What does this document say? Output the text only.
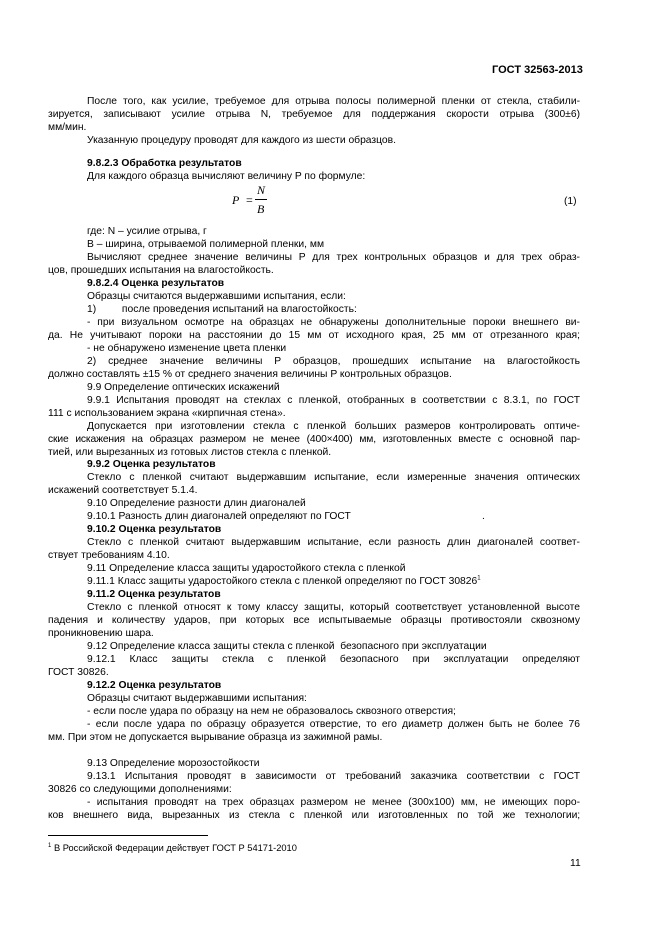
ГОСТ 32563-2013
После того, как усилие, требуемое для отрыва полосы полимерной пленки от стекла, стабили-
зируется, записывают усилие отрыва N, требуемое для поддержания скорости отрыва (300±6)
мм/мин.
Указанную процедуру проводят для каждого из шести образцов.
9.8.2.3 Обработка результатов
Для каждого образца вычисляют величину P по формуле:
P =
N
B
(1)
где: N – усилие отрыва, г
B – ширина, отрываемой полимерной пленки, мм
Вычисляют среднее значение величины P для трех контрольных образцов и для трех образ-
цов, прошедших испытания на влагостойкость.
9.8.2.4 Оценка результатов
Образцы считаются выдержавшими испытания, если:
1)         после проведения испытаний на влагостойкость:
- при визуальном осмотре на образцах не обнаружены дополнительные пороки внешнего ви-
да. Не учитывают пороки на расстоянии до 15 мм от исходного края, 25 мм от отрезанного края;
- не обнаружено изменение цвета пленки
2) среднее значение величины P образцов, прошедших испытание на влагостойкость
должно составлять ±15 % от среднего значения величины P контрольных образцов.
9.9 Определение оптических искажений
9.9.1 Испытания проводят на стеклах с пленкой, отобранных в соответствии с 8.3.1, по ГОСТ
111 с использованием экрана «кирпичная стена».
Допускается при изготовлении стекла с пленкой больших размеров контролировать оптиче-
ские искажения на образцах размером не менее (400×400) мм, изготовленных вместе с основной пар-
тией, или вырезанных из готовых листов стекла с пленкой.
9.9.2 Оценка результатов
Стекло с пленкой считают выдержавшим испытание, если измеренные значения оптических
искажений соответствует 5.1.4.
9.10 Определение разности длин диагоналей
9.10.1 Разность длин диагоналей определяют по ГОСТ	.
9.10.2 Оценка результатов
Стекло с пленкой считают выдержавшим испытание, если разность длин диагоналей соответ-
ствует требованиям 4.10.
9.11 Определение класса защиты ударостойкого стекла с пленкой
9.11.1 Класс защиты ударостойкого стекла с пленкой определяют по ГОСТ 30826$^1$
9.11.2 Оценка результатов
Стекло с пленкой относят к тому классу защиты, который соответствует установленной высоте
падения и количеству ударов, при которых все испытываемые образцы противостояли сквозному
проникновению шара.
9.12 Определение класса защиты стекла с пленкой  безопасного при эксплуатации
9.12.1 Класс защиты стекла с пленкой безопасного при эксплуатации определяют
ГОСТ 30826.
9.12.2 Оценка результатов
Образцы считают выдержавшими испытания:
- если после удара по образцу на нем не образовалось сквозного отверстия;
- если после удара по образцу образуется отверстие, то его диаметр должен быть не более 76
мм. При этом не допускается вырывание образца из зажимной рамы.
9.13 Определение морозостойкости
9.13.1 Испытания проводят в зависимости от требований заказчика соответствии с ГОСТ
30826 со следующими дополнениями:
- испытания проводят на трех образцах размером не менее (300x100) мм, не имеющих поро-
ков внешнего вида, вырезанных из стекла с пленкой или изготовленных по той же технологии;
$^1$ В Российской Федерации действует ГОСТ Р 54171-2010
11
